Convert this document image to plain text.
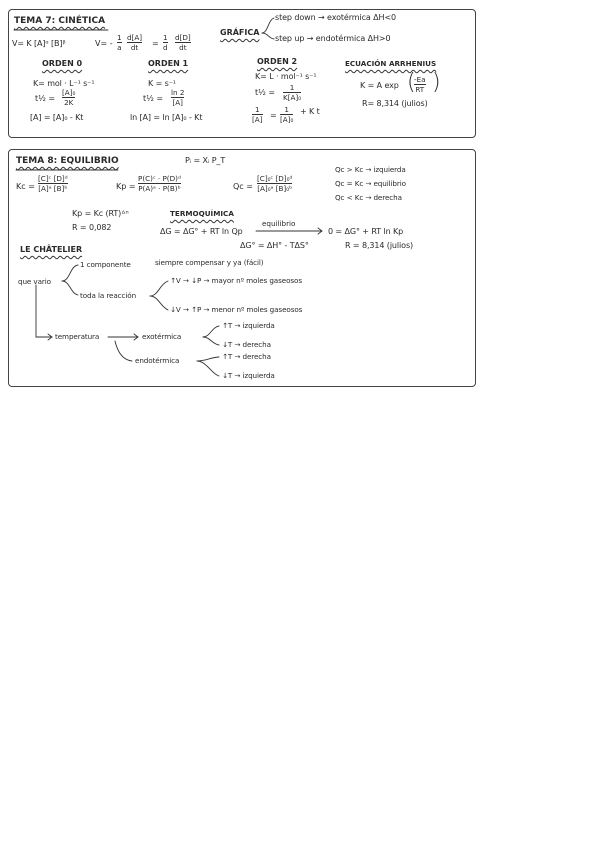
TEMA 7: CINÉTICA
V= K [A]ᵅ [B]ᵝ	V= -
1
a
d[A]
dt =
1
d
d[D]
dt
GRÁFICA
step down → exotérmica ΔH<0
step up → endotérmica ΔH>0
ORDEN 0
K= mol · L⁻¹ s⁻¹
t½ =
[A]₀
2K
[A] = [A]₀ - Kt
ORDEN 1
K = s⁻¹
t½ =
ln 2
[A]
ln [A] = ln [A]₀ - Kt
ORDEN 2
K= L · mol⁻¹ s⁻¹
t½ =
1
K[A]₀
1
[A] =
1
[A]₀
+ K t
ECUACIÓN ARRHENIUS
K = A exp (
-Ea
RT )
R= 8,314 (julios)
TEMA 8: EQUILIBRIO	Pᵢ = Xᵢ P_T
Kc =
[C]ᶜ [D]ᵈ
[A]ᵃ [B]ᵇ	Kp =
P(C)ᶜ · P(D)ᵈ
P(A)ᵃ · P(B)ᵇ	Qc =
[C]₀ᶜ [D]₀ᵈ
[A]₀ᵃ [B]₀ᵇ
Qc > Kc → izquierda
Qc = Kc → equilibrio
Qc < Kc → derecha
Kp = Kc (RT)ᐞⁿ
R = 0,082
TERMOQUÍMICA
ΔG = ΔG° + RT ln Qp
equilibrio
0 = ΔG° + RT ln Kp
ΔG° = ΔH° - TΔS°	R = 8,314 (julios)
LE CHÂTELIER
que vario
1 componente	siempre compensar y ya (fácil)
toda la reacción
↑V → ↓P → mayor nº moles gaseosos
↓V → ↑P → menor nº moles gaseosos
temperatura	exotérmica
↑T → izquierda
↓T → derecha
endotérmica	↑T → derecha
↓T → izquierda
